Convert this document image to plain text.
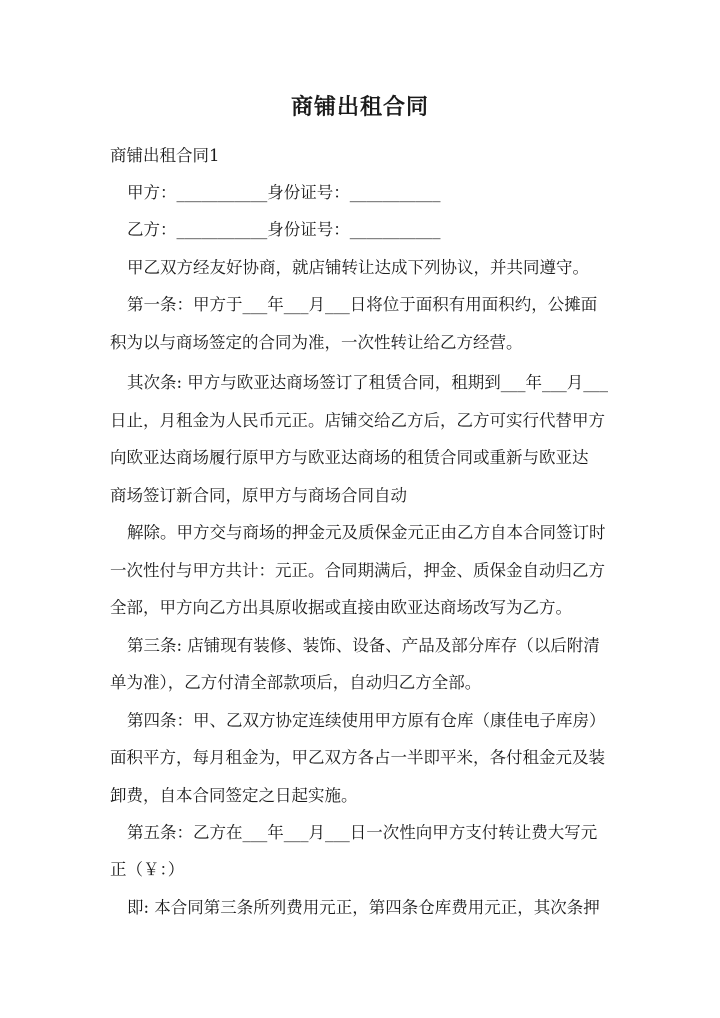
商铺出租合同

商铺出租合同1

甲方：___________身份证号：___________

乙方：___________身份证号：___________

甲乙双方经友好协商，就店铺转让达成下列协议，并共同遵守。

第一条：甲方于___年___月___日将位于面积有用面积约，公摊面

积为以与商场签定的合同为准，一次性转让给乙方经营。

其次条: 甲方与欧亚达商场签订了租赁合同，租期到___年___月___

日止，月租金为人民币元正。店铺交给乙方后，乙方可实行代替甲方

向欧亚达商场履行原甲方与欧亚达商场的租赁合同或重新与欧亚达

商场签订新合同，原甲方与商场合同自动

解除。甲方交与商场的押金元及质保金元正由乙方自本合同签订时

一次性付与甲方共计：元正。合同期满后，押金、质保金自动归乙方

全部，甲方向乙方出具原收据或直接由欧亚达商场改写为乙方。

第三条: 店铺现有装修、装饰、设备、产品及部分库存（以后附清

单为准），乙方付清全部款项后，自动归乙方全部。

第四条：甲、乙双方协定连续使用甲方原有仓库（康佳电子库房）

面积平方，每月租金为，甲乙双方各占一半即平米，各付租金元及装

卸费，自本合同签定之日起实施。

第五条：乙方在___年___月___日一次性向甲方支付转让费大写元

正（￥：）

即: 本合同第三条所列费用元正，第四条仓库费用元正，其次条押
